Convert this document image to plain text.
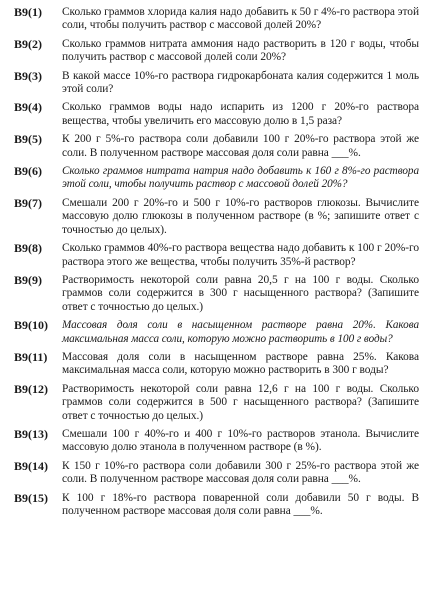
B9(1)	Сколько граммов хлорида калия надо добавить к 50 г 4%-го раствора этой соли, чтобы получить раствор с массовой долей 20%?
B9(2)	Сколько граммов нитрата аммония надо растворить в 120 г воды, чтобы получить раствор с массовой долей соли 20%?
B9(3)	В какой массе 10%-го раствора гидрокарбоната калия содержится 1 моль этой соли?
B9(4)	Сколько граммов воды надо испарить из 1200 г 20%-го раствора вещества, чтобы увеличить его массовую долю в 1,5 раза?
B9(5)	К 200 г 5%-го раствора соли добавили 100 г 20%-го раствора этой же соли. В полученном растворе массовая доля соли равна ___%.
B9(6)	Сколько граммов нитрата натрия надо добавить к 160 г 8%-го раствора этой соли, чтобы получить раствор с массовой долей 20%?
B9(7)	Смешали 200 г 20%-го и 500 г 10%-го растворов глюкозы. Вычислите массовую долю глюкозы в полученном растворе (в %; запишите ответ с точностью до целых).
B9(8)	Сколько граммов 40%-го раствора вещества надо добавить к 100 г 20%-го раствора этого же вещества, чтобы получить 35%-й раствор?
B9(9)	Растворимость некоторой соли равна 20,5 г на 100 г воды. Сколько граммов соли содержится в 300 г насыщенного раствора? (Запишите ответ с точностью до целых.)
B9(10)	Массовая доля соли в насыщенном растворе равна 20%. Какова максимальная масса соли, которую можно растворить в 100 г воды?
B9(11)	Массовая доля соли в насыщенном растворе равна 25%. Какова максимальная масса соли, которую можно растворить в 300 г воды?
B9(12)	Растворимость некоторой соли равна 12,6 г на 100 г воды. Сколько граммов соли содержится в 500 г насыщенного раствора? (Запишите ответ с точностью до целых.)
B9(13)	Смешали 100 г 40%-го и 400 г 10%-го растворов этанола. Вычислите массовую долю этанола в полученном растворе (в %).
B9(14)	К 150 г 10%-го раствора соли добавили 300 г 25%-го раствора этой же соли. В полученном растворе массовая доля соли равна ___%.
B9(15)	К 100 г 18%-го раствора поваренной соли добавили 50 г воды. В полученном растворе массовая доля соли равна ___%.
